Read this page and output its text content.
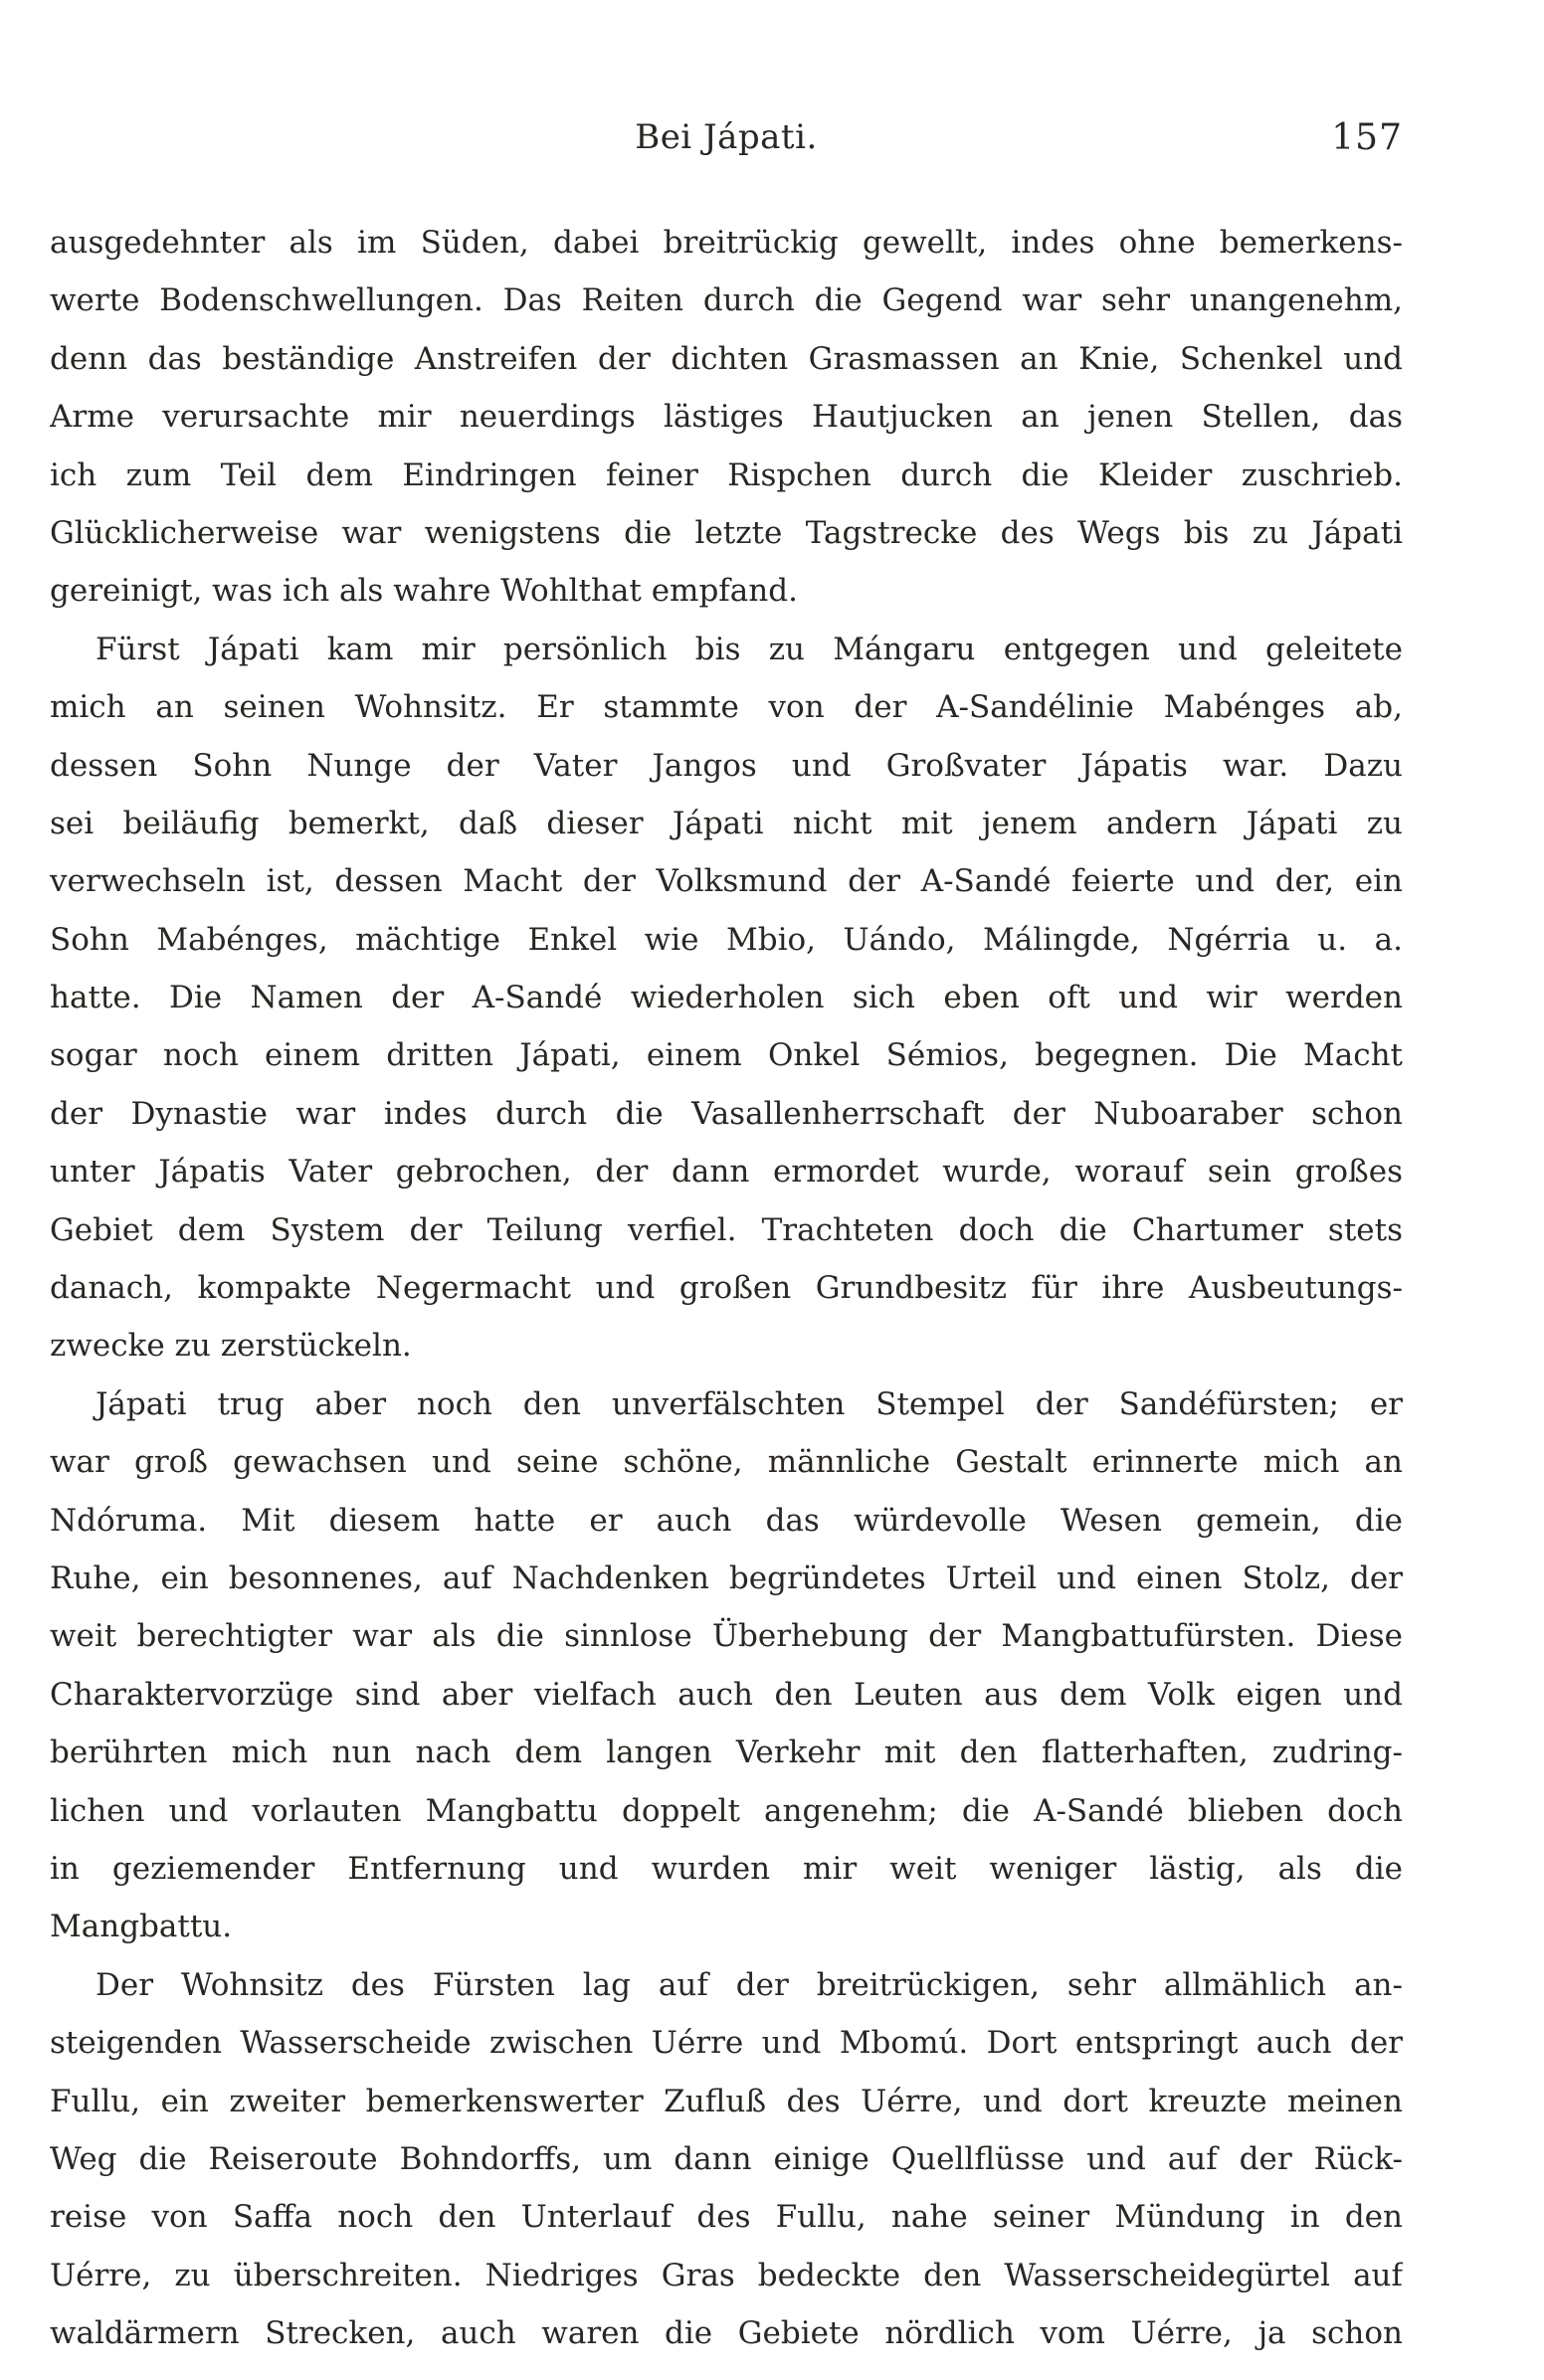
Bei Jápati.	157
ausgedehnter als im Süden, dabei breitrückig gewellt, indes ohne bemerkens-
werte Bodenschwellungen. Das Reiten durch die Gegend war sehr unangenehm,
denn das beständige Anstreifen der dichten Grasmassen an Knie, Schenkel und
Arme verursachte mir neuerdings lästiges Hautjucken an jenen Stellen, das
ich zum Teil dem Eindringen feiner Rispchen durch die Kleider zuschrieb.
Glücklicherweise war wenigstens die letzte Tagstrecke des Wegs bis zu Jápati
gereinigt, was ich als wahre Wohlthat empfand.
Fürst Jápati kam mir persönlich bis zu Mángaru entgegen und geleitete
mich an seinen Wohnsitz. Er stammte von der A-Sandélinie Mabénges ab,
dessen Sohn Nunge der Vater Jangos und Großvater Jápatis war. Dazu
sei beiläufig bemerkt, daß dieser Jápati nicht mit jenem andern Jápati zu
verwechseln ist, dessen Macht der Volksmund der A-Sandé feierte und der, ein
Sohn Mabénges, mächtige Enkel wie Mbio, Uándo, Málingde, Ngérria u. a.
hatte. Die Namen der A-Sandé wiederholen sich eben oft und wir werden
sogar noch einem dritten Jápati, einem Onkel Sémios, begegnen. Die Macht
der Dynastie war indes durch die Vasallenherrschaft der Nuboaraber schon
unter Jápatis Vater gebrochen, der dann ermordet wurde, worauf sein großes
Gebiet dem System der Teilung verfiel. Trachteten doch die Chartumer stets
danach, kompakte Negermacht und großen Grundbesitz für ihre Ausbeutungs-
zwecke zu zerstückeln.
Jápati trug aber noch den unverfälschten Stempel der Sandéfürsten; er
war groß gewachsen und seine schöne, männliche Gestalt erinnerte mich an
Ndóruma. Mit diesem hatte er auch das würdevolle Wesen gemein, die
Ruhe, ein besonnenes, auf Nachdenken begründetes Urteil und einen Stolz, der
weit berechtigter war als die sinnlose Überhebung der Mangbattufürsten. Diese
Charaktervorzüge sind aber vielfach auch den Leuten aus dem Volk eigen und
berührten mich nun nach dem langen Verkehr mit den flatterhaften, zudring-
lichen und vorlauten Mangbattu doppelt angenehm; die A-Sandé blieben doch
in geziemender Entfernung und wurden mir weit weniger lästig, als die
Mangbattu.
Der Wohnsitz des Fürsten lag auf der breitrückigen, sehr allmählich an-
steigenden Wasserscheide zwischen Uérre und Mbomú. Dort entspringt auch der
Fullu, ein zweiter bemerkenswerter Zufluß des Uérre, und dort kreuzte meinen
Weg die Reiseroute Bohndorffs, um dann einige Quellflüsse und auf der Rück-
reise von Saffa noch den Unterlauf des Fullu, nahe seiner Mündung in den
Uérre, zu überschreiten. Niedriges Gras bedeckte den Wasserscheidegürtel auf
waldärmern Strecken, auch waren die Gebiete nördlich vom Uérre, ja schon
